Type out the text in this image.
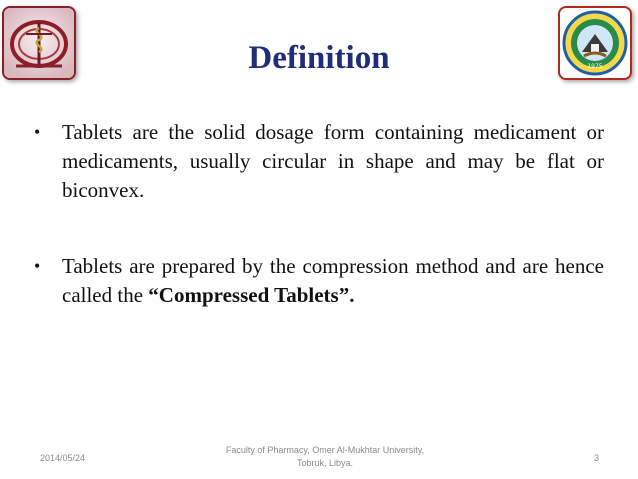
1975
Definition
• Tablets are the solid dosage form containing medicament or medicaments, usually circular in shape and may be flat or biconvex.
• Tablets are prepared by the compression method and are hence called the “Compressed Tablets”.
2014/05/24
Faculty of Pharmacy, Omer Al-Mukhtar University,
Tobruk, Libya.	3
